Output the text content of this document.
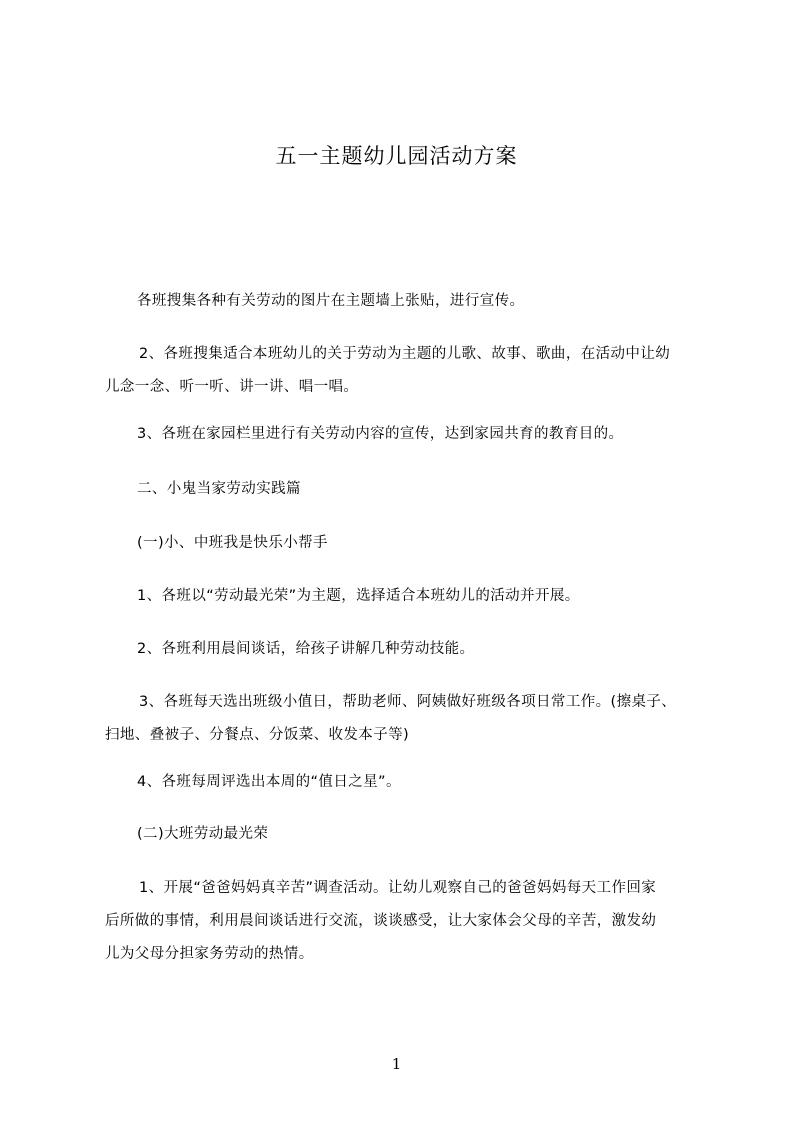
五一主题幼儿园活动方案
各班搜集各种有关劳动的图片在主题墙上张贴，进行宣传。
2、各班搜集适合本班幼儿的关于劳动为主题的儿歌、故事、歌曲，在活动中让幼
儿念一念、听一听、讲一讲、唱一唱。
3、各班在家园栏里进行有关劳动内容的宣传，达到家园共育的教育目的。
二、小鬼当家劳动实践篇
(一)小、中班我是快乐小帮手
1、各班以“劳动最光荣”为主题，选择适合本班幼儿的活动并开展。
2、各班利用晨间谈话，给孩子讲解几种劳动技能。
3、各班每天选出班级小值日，帮助老师、阿姨做好班级各项日常工作。(擦桌子、
扫地、叠被子、分餐点、分饭菜、收发本子等)
4、各班每周评选出本周的“值日之星”。
(二)大班劳动最光荣
1、开展“爸爸妈妈真辛苦”调查活动。让幼儿观察自己的爸爸妈妈每天工作回家
后所做的事情，利用晨间谈话进行交流，谈谈感受，让大家体会父母的辛苦，激发幼
儿为父母分担家务劳动的热情。
1
